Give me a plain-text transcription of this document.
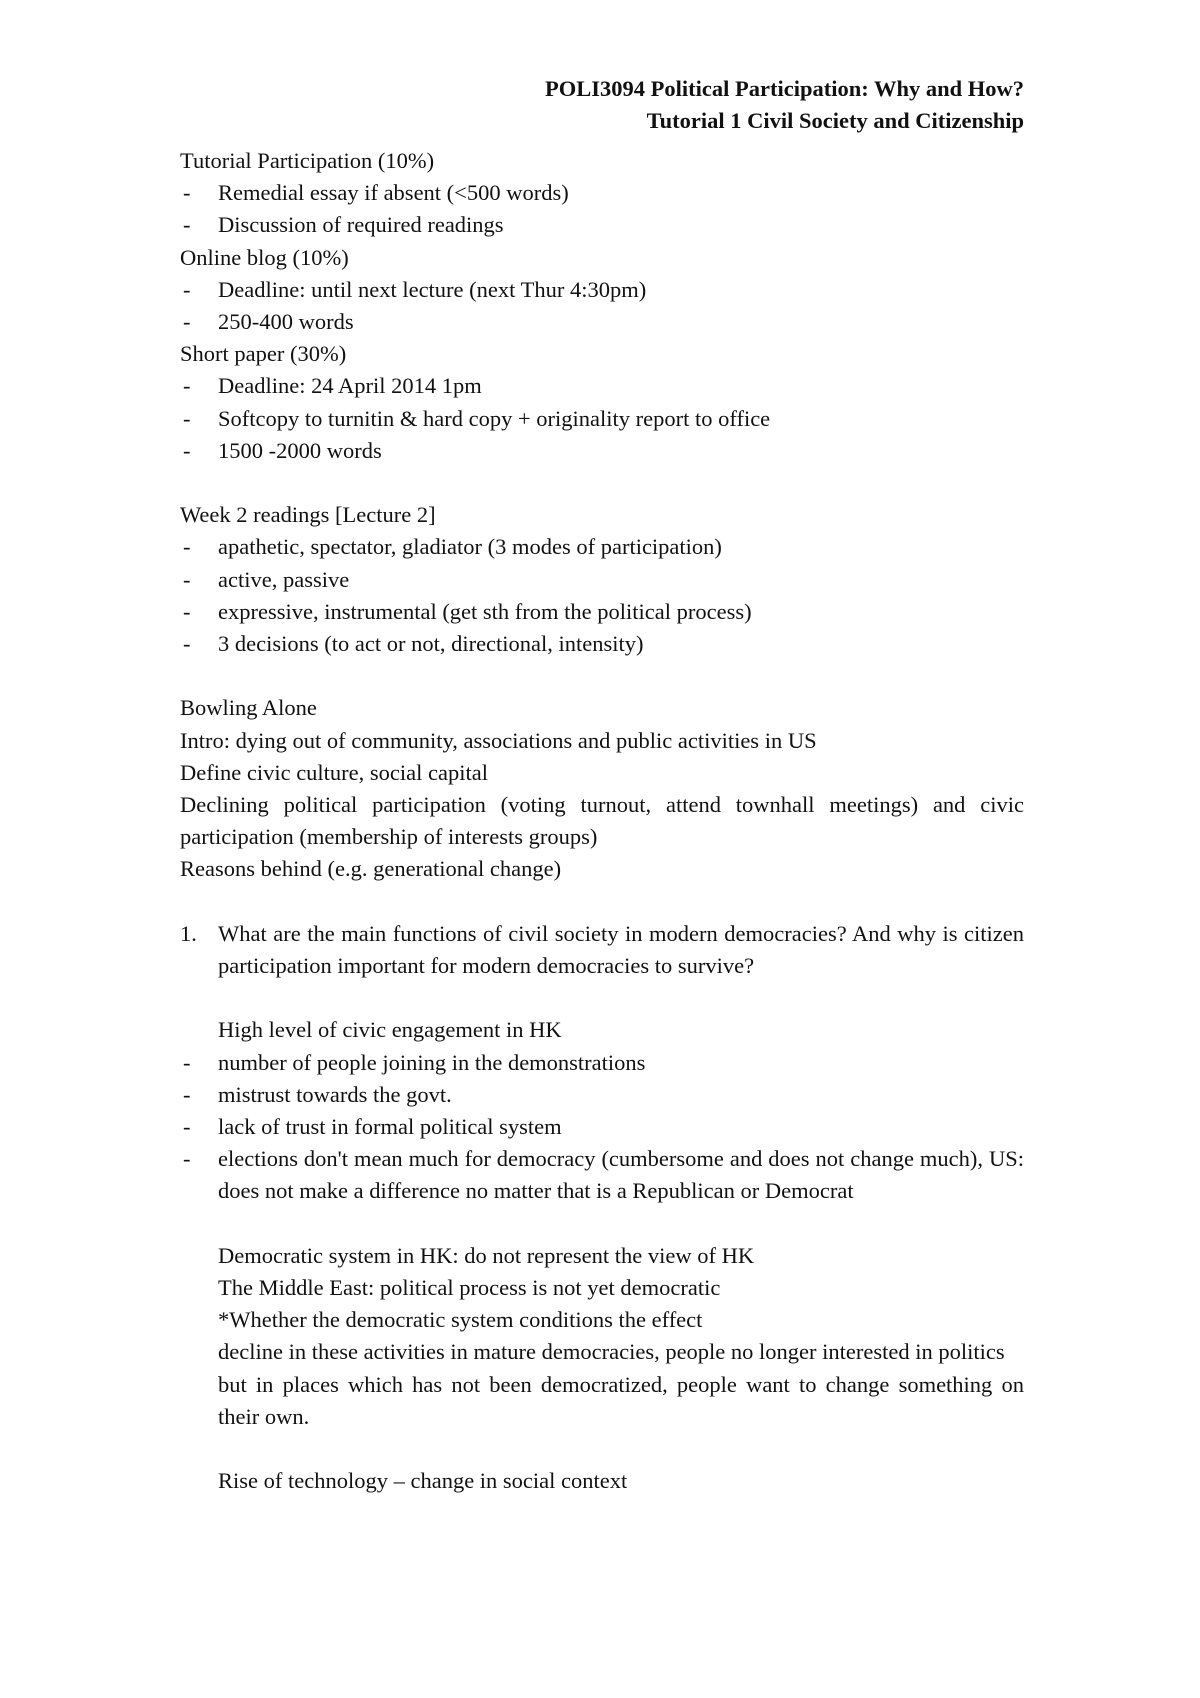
POLI3094 Political Participation: Why and How?
Tutorial 1 Civil Society and Citizenship

Tutorial Participation (10%)

- Remedial essay if absent (<500 words)

- Discussion of required readings

Online blog (10%)

- Deadline: until next lecture (next Thur 4:30pm)

- 250-400 words

Short paper (30%)

- Deadline: 24 April 2014 1pm

- Softcopy to turnitin & hard copy + originality report to office

- 1500 -2000 words

Week 2 readings [Lecture 2]

- apathetic, spectator, gladiator (3 modes of participation)

- active, passive

- expressive, instrumental (get sth from the political process)

- 3 decisions (to act or not, directional, intensity)

Bowling Alone

Intro: dying out of community, associations and public activities in US

Define civic culture, social capital

Declining political participation (voting turnout, attend townhall meetings) and civic participation (membership of interests groups)

Reasons behind (e.g. generational change)

1. What are the main functions of civil society in modern democracies? And why is citizen participation important for modern democracies to survive?

High level of civic engagement in HK

- number of people joining in the demonstrations

- mistrust towards the govt.

- lack of trust in formal political system

- elections don't mean much for democracy (cumbersome and does not change much), US: does not make a difference no matter that is a Republican or Democrat

Democratic system in HK: do not represent the view of HK

The Middle East: political process is not yet democratic

*Whether the democratic system conditions the effect

decline in these activities in mature democracies, people no longer interested in politics

but in places which has not been democratized, people want to change something on their own.

Rise of technology – change in social context
